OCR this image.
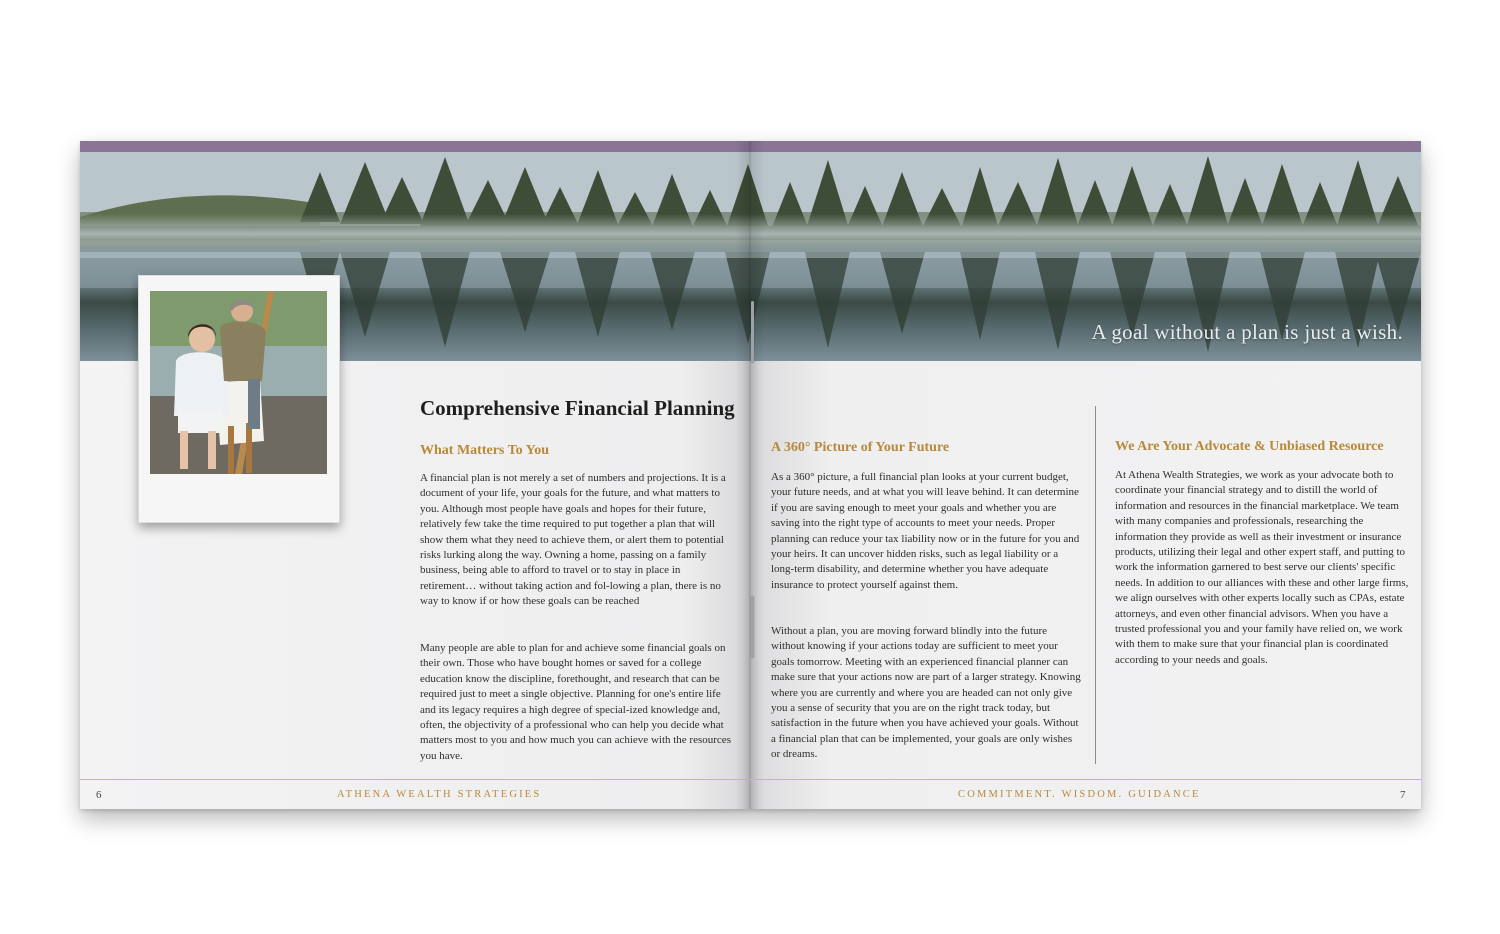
A goal without a plan is just a wish.
Comprehensive Financial Planning
What Matters To You

A financial plan is not merely a set of numbers and projections. It is a document of your life, your goals for the future, and what matters to you. Although most people have goals and hopes for their future, relatively few take the time required to put together a plan that will show them what they need to achieve them, or alert them to potential risks lurking along the way. Owning a home, passing on a family business, being able to afford to travel or to stay in place in retirement… without taking action and fol-lowing a plan, there is no way to know if or how these goals can be reached

Many people are able to plan for and achieve some financial goals on their own. Those who have bought homes or saved for a college education know the discipline, forethought, and research that can be required just to meet a single objective. Planning for one's entire life and its legacy requires a high degree of special-ized knowledge and, often, the objectivity of a professional who can help you decide what matters most to you and how much you can achieve with the resources you have.

A 360° Picture of Your Future

As a 360° picture, a full financial plan looks at your current budget, your future needs, and at what you will leave behind. It can determine if you are saving enough to meet your goals and whether you are saving into the right type of accounts to meet your needs. Proper planning can reduce your tax liability now or in the future for you and your heirs. It can uncover hidden risks, such as legal liability or a long-term disability, and determine whether you have adequate insurance to protect yourself against them.

Without a plan, you are moving forward blindly into the future without knowing if your actions today are sufficient to meet your goals tomorrow. Meeting with an experienced financial planner can make sure that your actions now are part of a larger strategy. Knowing where you are currently and where you are headed can not only give you a sense of security that you are on the right track today, but satisfaction in the future when you have achieved your goals. Without a financial plan that can be implemented, your goals are only wishes or dreams.

We Are Your Advocate & Unbiased Resource

At Athena Wealth Strategies, we work as your advocate both to coordinate your financial strategy and to distill the world of information and resources in the financial marketplace. We team with many companies and professionals, researching the information they provide as well as their investment or insurance products, utilizing their legal and other expert staff, and putting to work the information garnered to best serve our clients' specific needs. In addition to our alliances with these and other large firms, we align ourselves with other experts locally such as CPAs, estate attorneys, and even other financial advisors. When you have a trusted professional you and your family have relied on, we work with them to make sure that your financial plan is coordinated according to your needs and goals.

6	ATHENA WEALTH STRATEGIES	COMMITMENT. WISDOM. GUIDANCE	7
